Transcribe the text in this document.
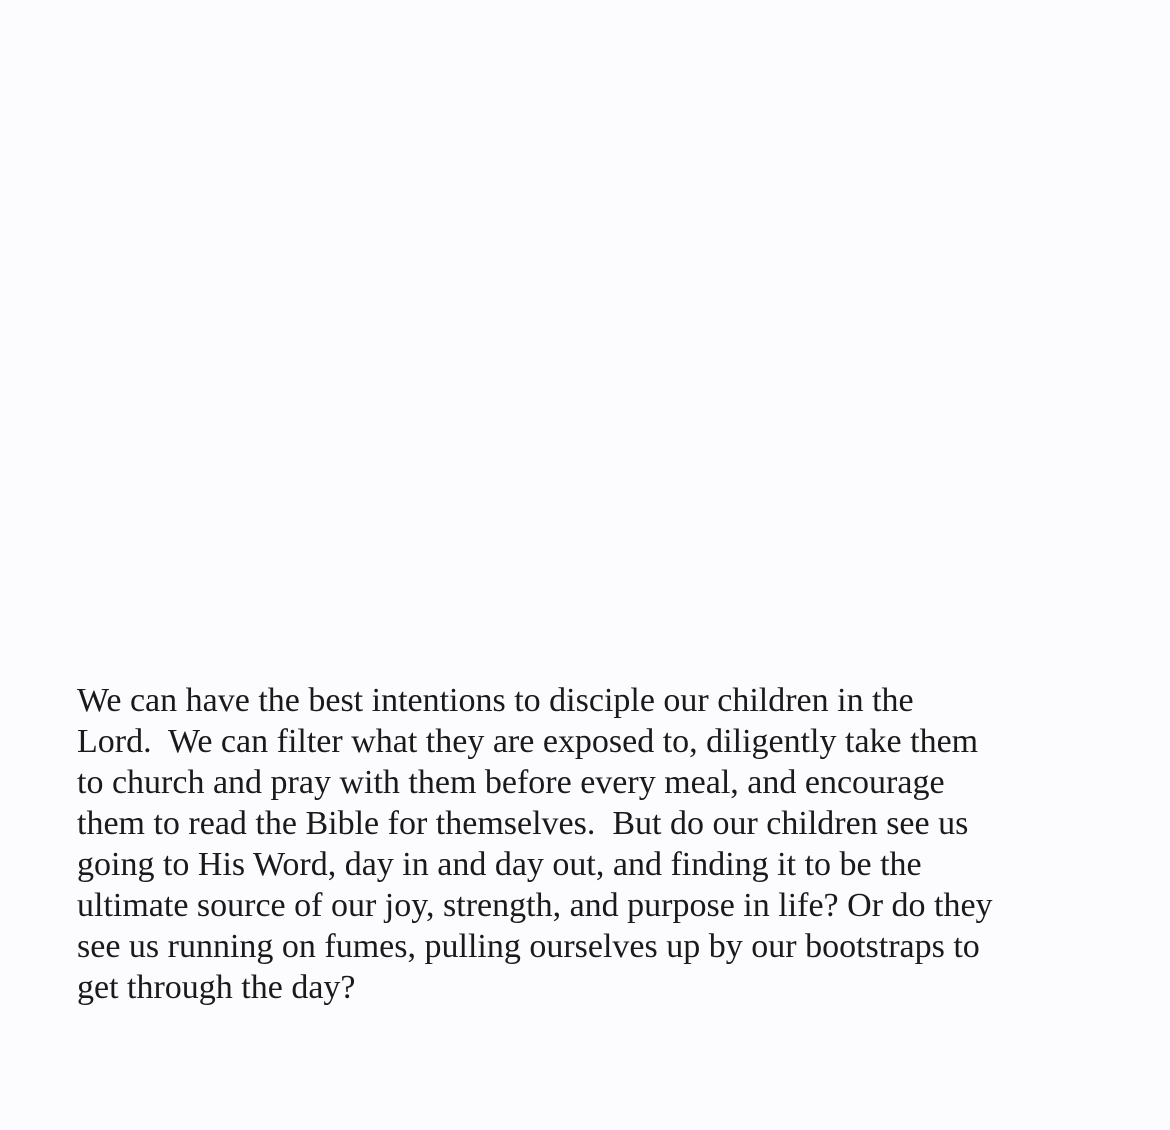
We can have the best intentions to disciple our children in the
Lord.  We can filter what they are exposed to, diligently take them
to church and pray with them before every meal, and encourage
them to read the Bible for themselves.  But do our children see us
going to His Word, day in and day out, and finding it to be the
ultimate source of our joy, strength, and purpose in life? Or do they
see us running on fumes, pulling ourselves up by our bootstraps to
get through the day?
